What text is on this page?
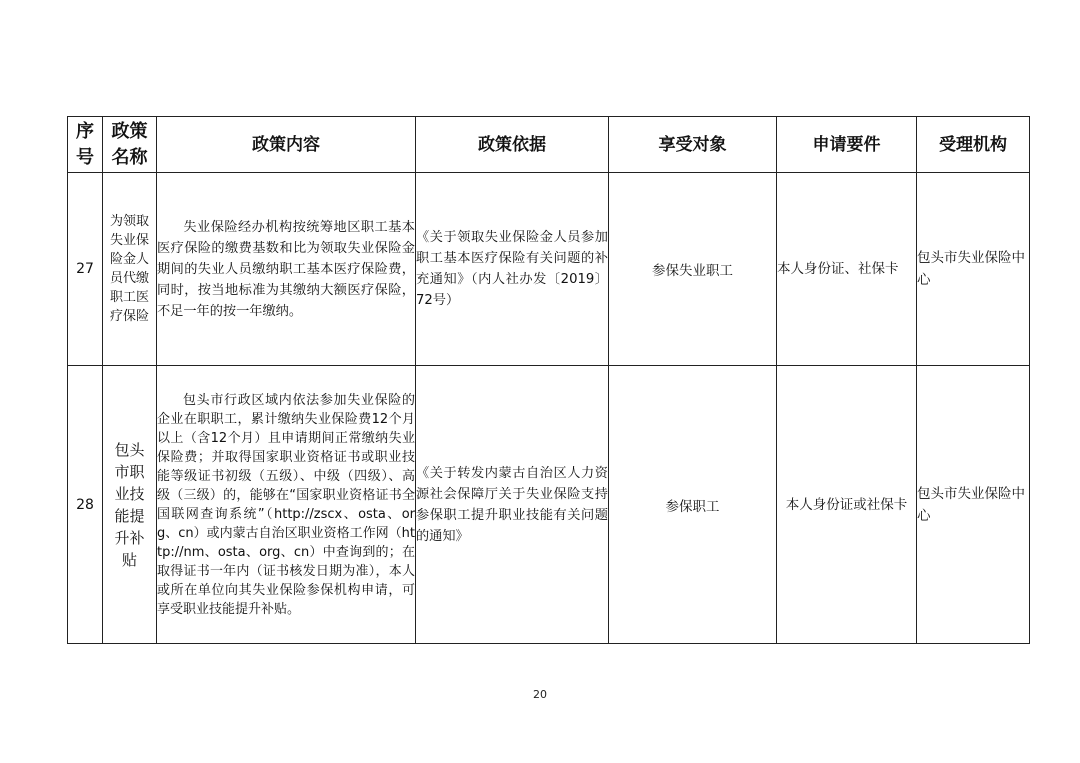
序号	政策名称	政策内容	政策依据	享受对象	申请要件	受理机构
27	为领取失业保险金人员代缴职工医疗保险	失业保险经办机构按统筹地区职工基本医疗保险的缴费基数和比为领取失业保险金期间的失业人员缴纳职工基本医疗保险费，同时，按当地标准为其缴纳大额医疗保险，不足一年的按一年缴纳。	《关于领取失业保险金人员参加职工基本医疗保险有关问题的补充通知》（内人社办发〔2019〕72号）	参保失业职工	本人身份证、社保卡	包头市失业保险中心
28	包头市职业技能提升补贴	包头市行政区域内依法参加失业保险的企业在职职工，累计缴纳失业保险费12个月以上（含12个月）且申请期间正常缴纳失业保险费；并取得国家职业资格证书或职业技能等级证书初级（五级）、中级（四级）、高级（三级）的，能够在“国家职业资格证书全国联网查询系统”（http://zscx、osta、org、cn）或内蒙古自治区职业资格工作网（http://nm、osta、org、cn）中查询到的；在取得证书一年内（证书核发日期为准），本人或所在单位向其失业保险参保机构申请，可享受职业技能提升补贴。	《关于转发内蒙古自治区人力资源社会保障厅关于失业保险支持参保职工提升职业技能有关问题的通知》	参保职工	本人身份证或社保卡	包头市失业保险中心
20
